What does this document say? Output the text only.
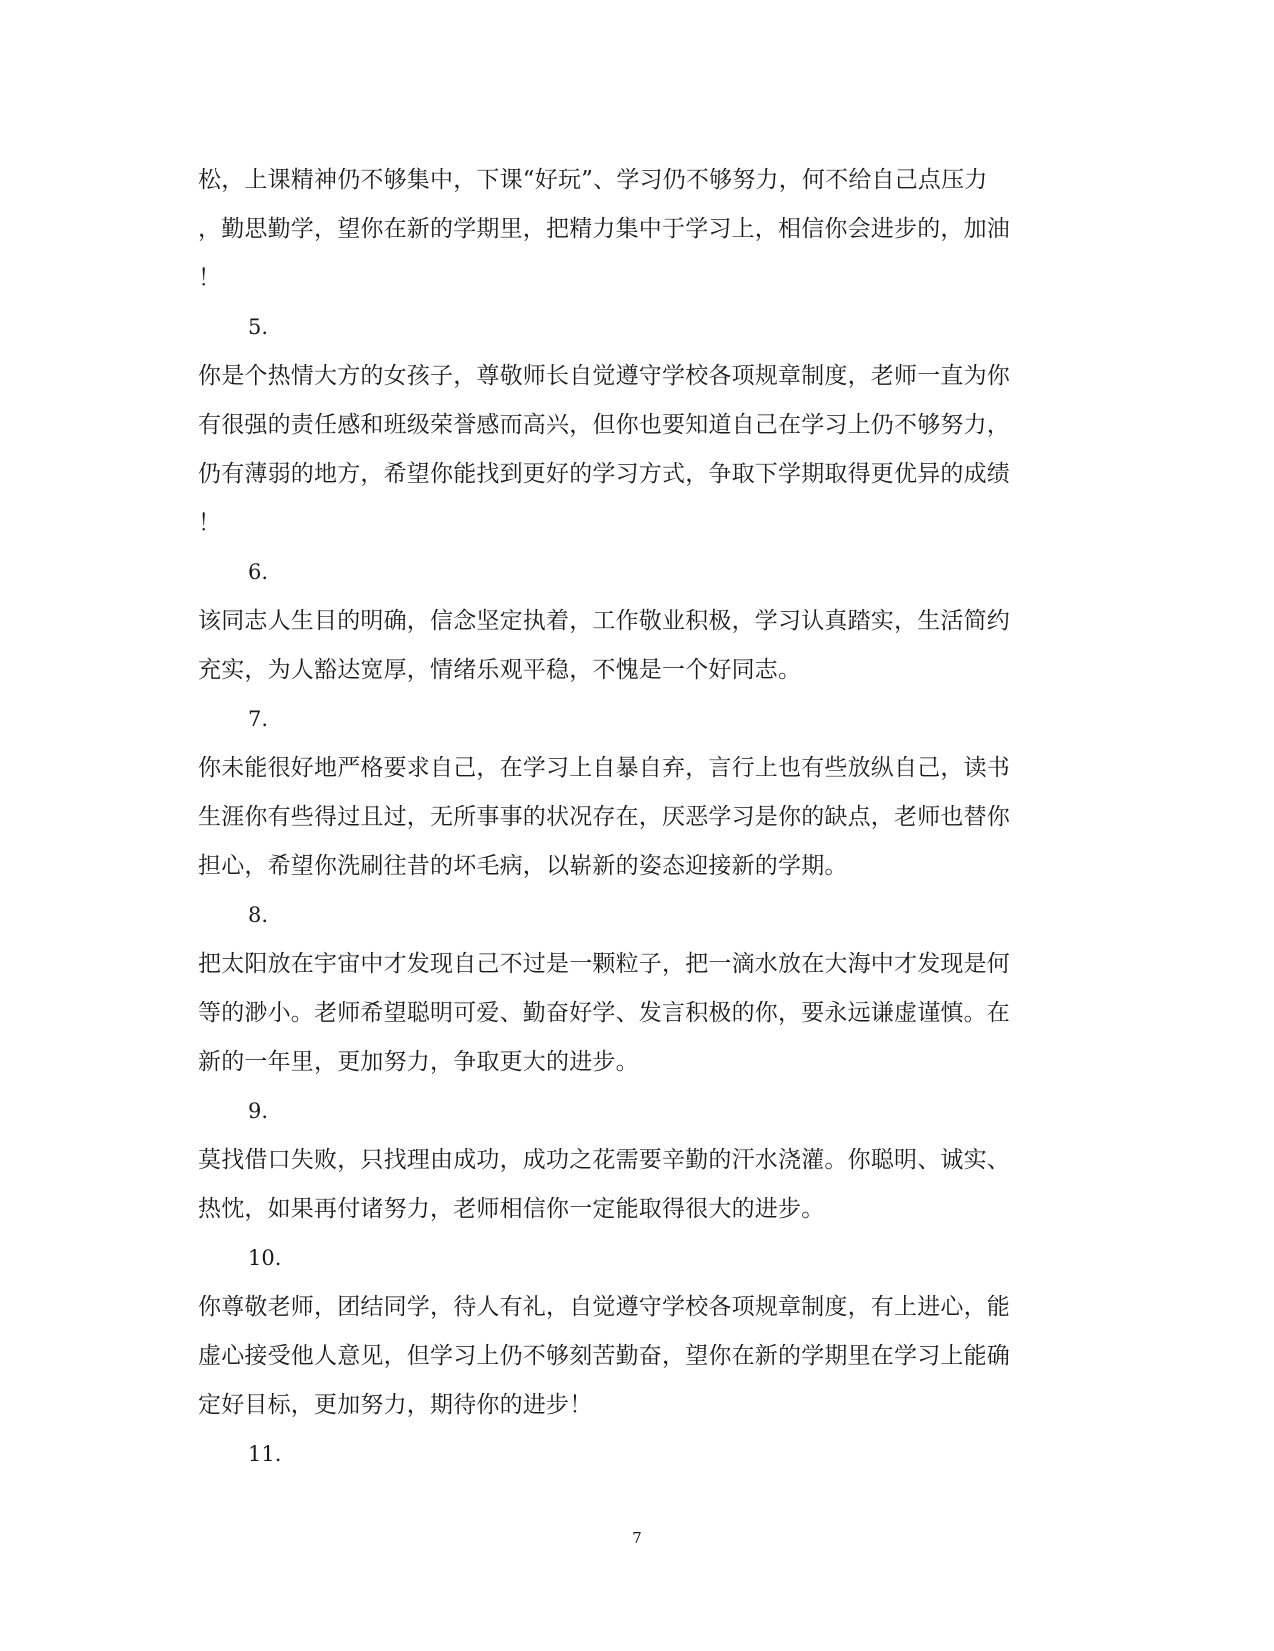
松，上课精神仍不够集中，下课“好玩”、学习仍不够努力，何不给自己点压力
，勤思勤学，望你在新的学期里，把精力集中于学习上，相信你会进步的，加油
！
5.
你是个热情大方的女孩子，尊敬师长自觉遵守学校各项规章制度，老师一直为你
有很强的责任感和班级荣誉感而高兴，但你也要知道自己在学习上仍不够努力，
仍有薄弱的地方，希望你能找到更好的学习方式，争取下学期取得更优异的成绩
！
6.
该同志人生目的明确，信念坚定执着，工作敬业积极，学习认真踏实，生活简约
充实，为人豁达宽厚，情绪乐观平稳，不愧是一个好同志。
7.
你未能很好地严格要求自己，在学习上自暴自弃，言行上也有些放纵自己，读书
生涯你有些得过且过，无所事事的状况存在，厌恶学习是你的缺点，老师也替你
担心，希望你洗刷往昔的坏毛病，以崭新的姿态迎接新的学期。
8.
把太阳放在宇宙中才发现自己不过是一颗粒子，把一滴水放在大海中才发现是何
等的渺小。老师希望聪明可爱、勤奋好学、发言积极的你，要永远谦虚谨慎。在
新的一年里，更加努力，争取更大的进步。
9.
莫找借口失败，只找理由成功，成功之花需要辛勤的汗水浇灌。你聪明、诚实、
热忱，如果再付诸努力，老师相信你一定能取得很大的进步。
10.
你尊敬老师，团结同学，待人有礼，自觉遵守学校各项规章制度，有上进心，能
虚心接受他人意见，但学习上仍不够刻苦勤奋，望你在新的学期里在学习上能确
定好目标，更加努力，期待你的进步！
11.
7
